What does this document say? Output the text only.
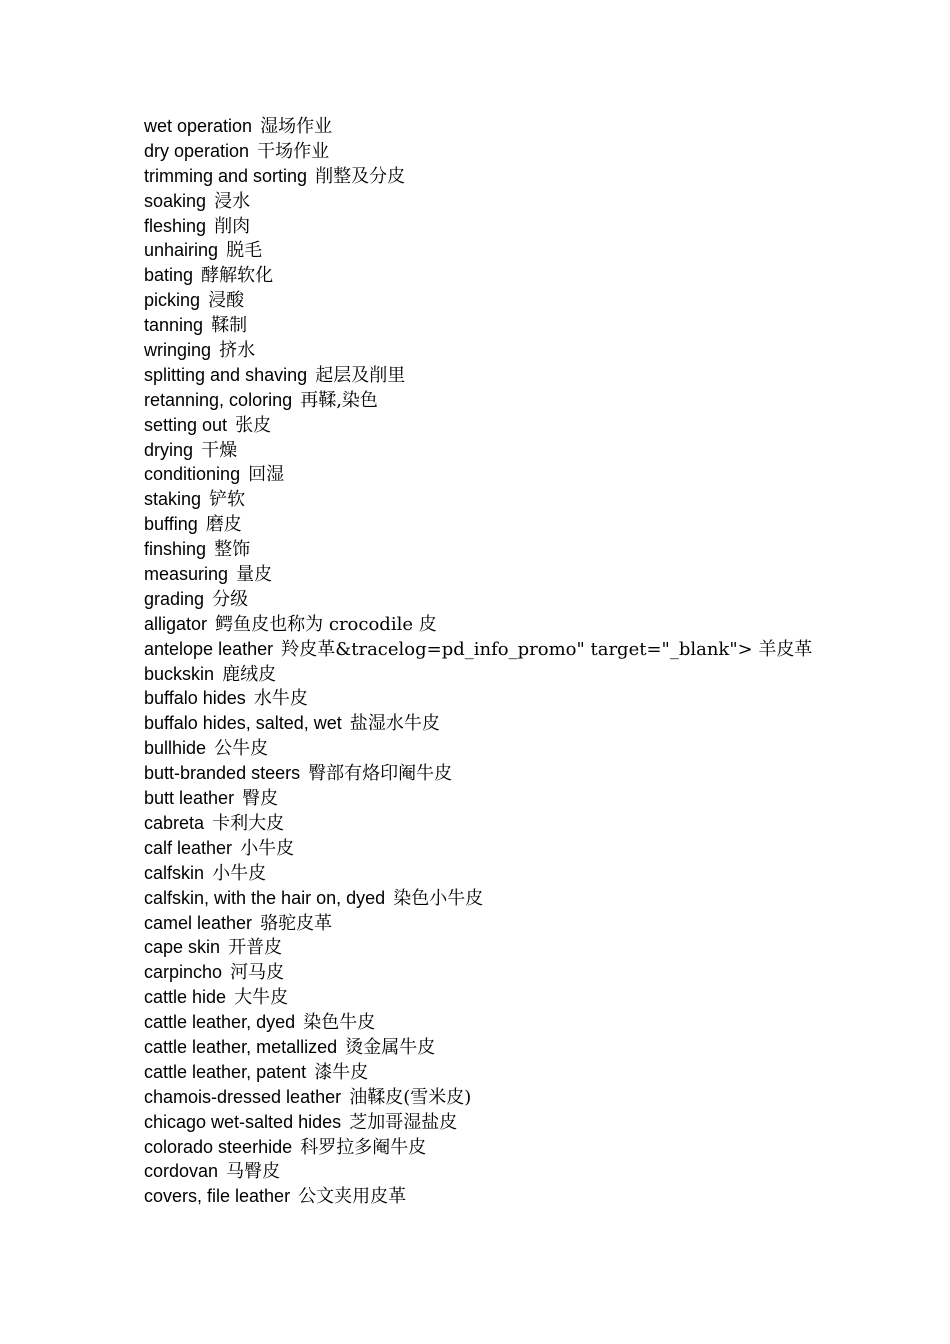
wet operation 湿场作业
dry operation 干场作业
trimming and sorting 削整及分皮
soaking 浸水
fleshing 削肉
unhairing 脱毛
bating 酵解软化
picking 浸酸
tanning 鞣制
wringing 挤水
splitting and shaving 起层及削里
retanning, coloring 再鞣,染色
setting out 张皮
drying 干燥
conditioning 回湿
staking 铲软
buffing 磨皮
finshing 整饰
measuring 量皮
grading 分级
alligator 鳄鱼皮也称为 crocodile 皮
antelope leather 羚皮革&tracelog=pd_info_promo" target="_blank"> 羊皮革
buckskin 鹿绒皮
buffalo hides 水牛皮
buffalo hides, salted, wet 盐湿水牛皮
bullhide 公牛皮
butt-branded steers 臀部有烙印阉牛皮
butt leather 臀皮
cabreta 卡利大皮
calf leather 小牛皮
calfskin 小牛皮
calfskin, with the hair on, dyed 染色小牛皮
camel leather 骆驼皮革
cape skin 开普皮
carpincho 河马皮
cattle hide 大牛皮
cattle leather, dyed 染色牛皮
cattle leather, metallized 烫金属牛皮
cattle leather, patent 漆牛皮
chamois-dressed leather 油鞣皮(雪米皮)
chicago wet-salted hides 芝加哥湿盐皮
colorado steerhide 科罗拉多阉牛皮
cordovan 马臀皮
covers, file leather 公文夹用皮革
